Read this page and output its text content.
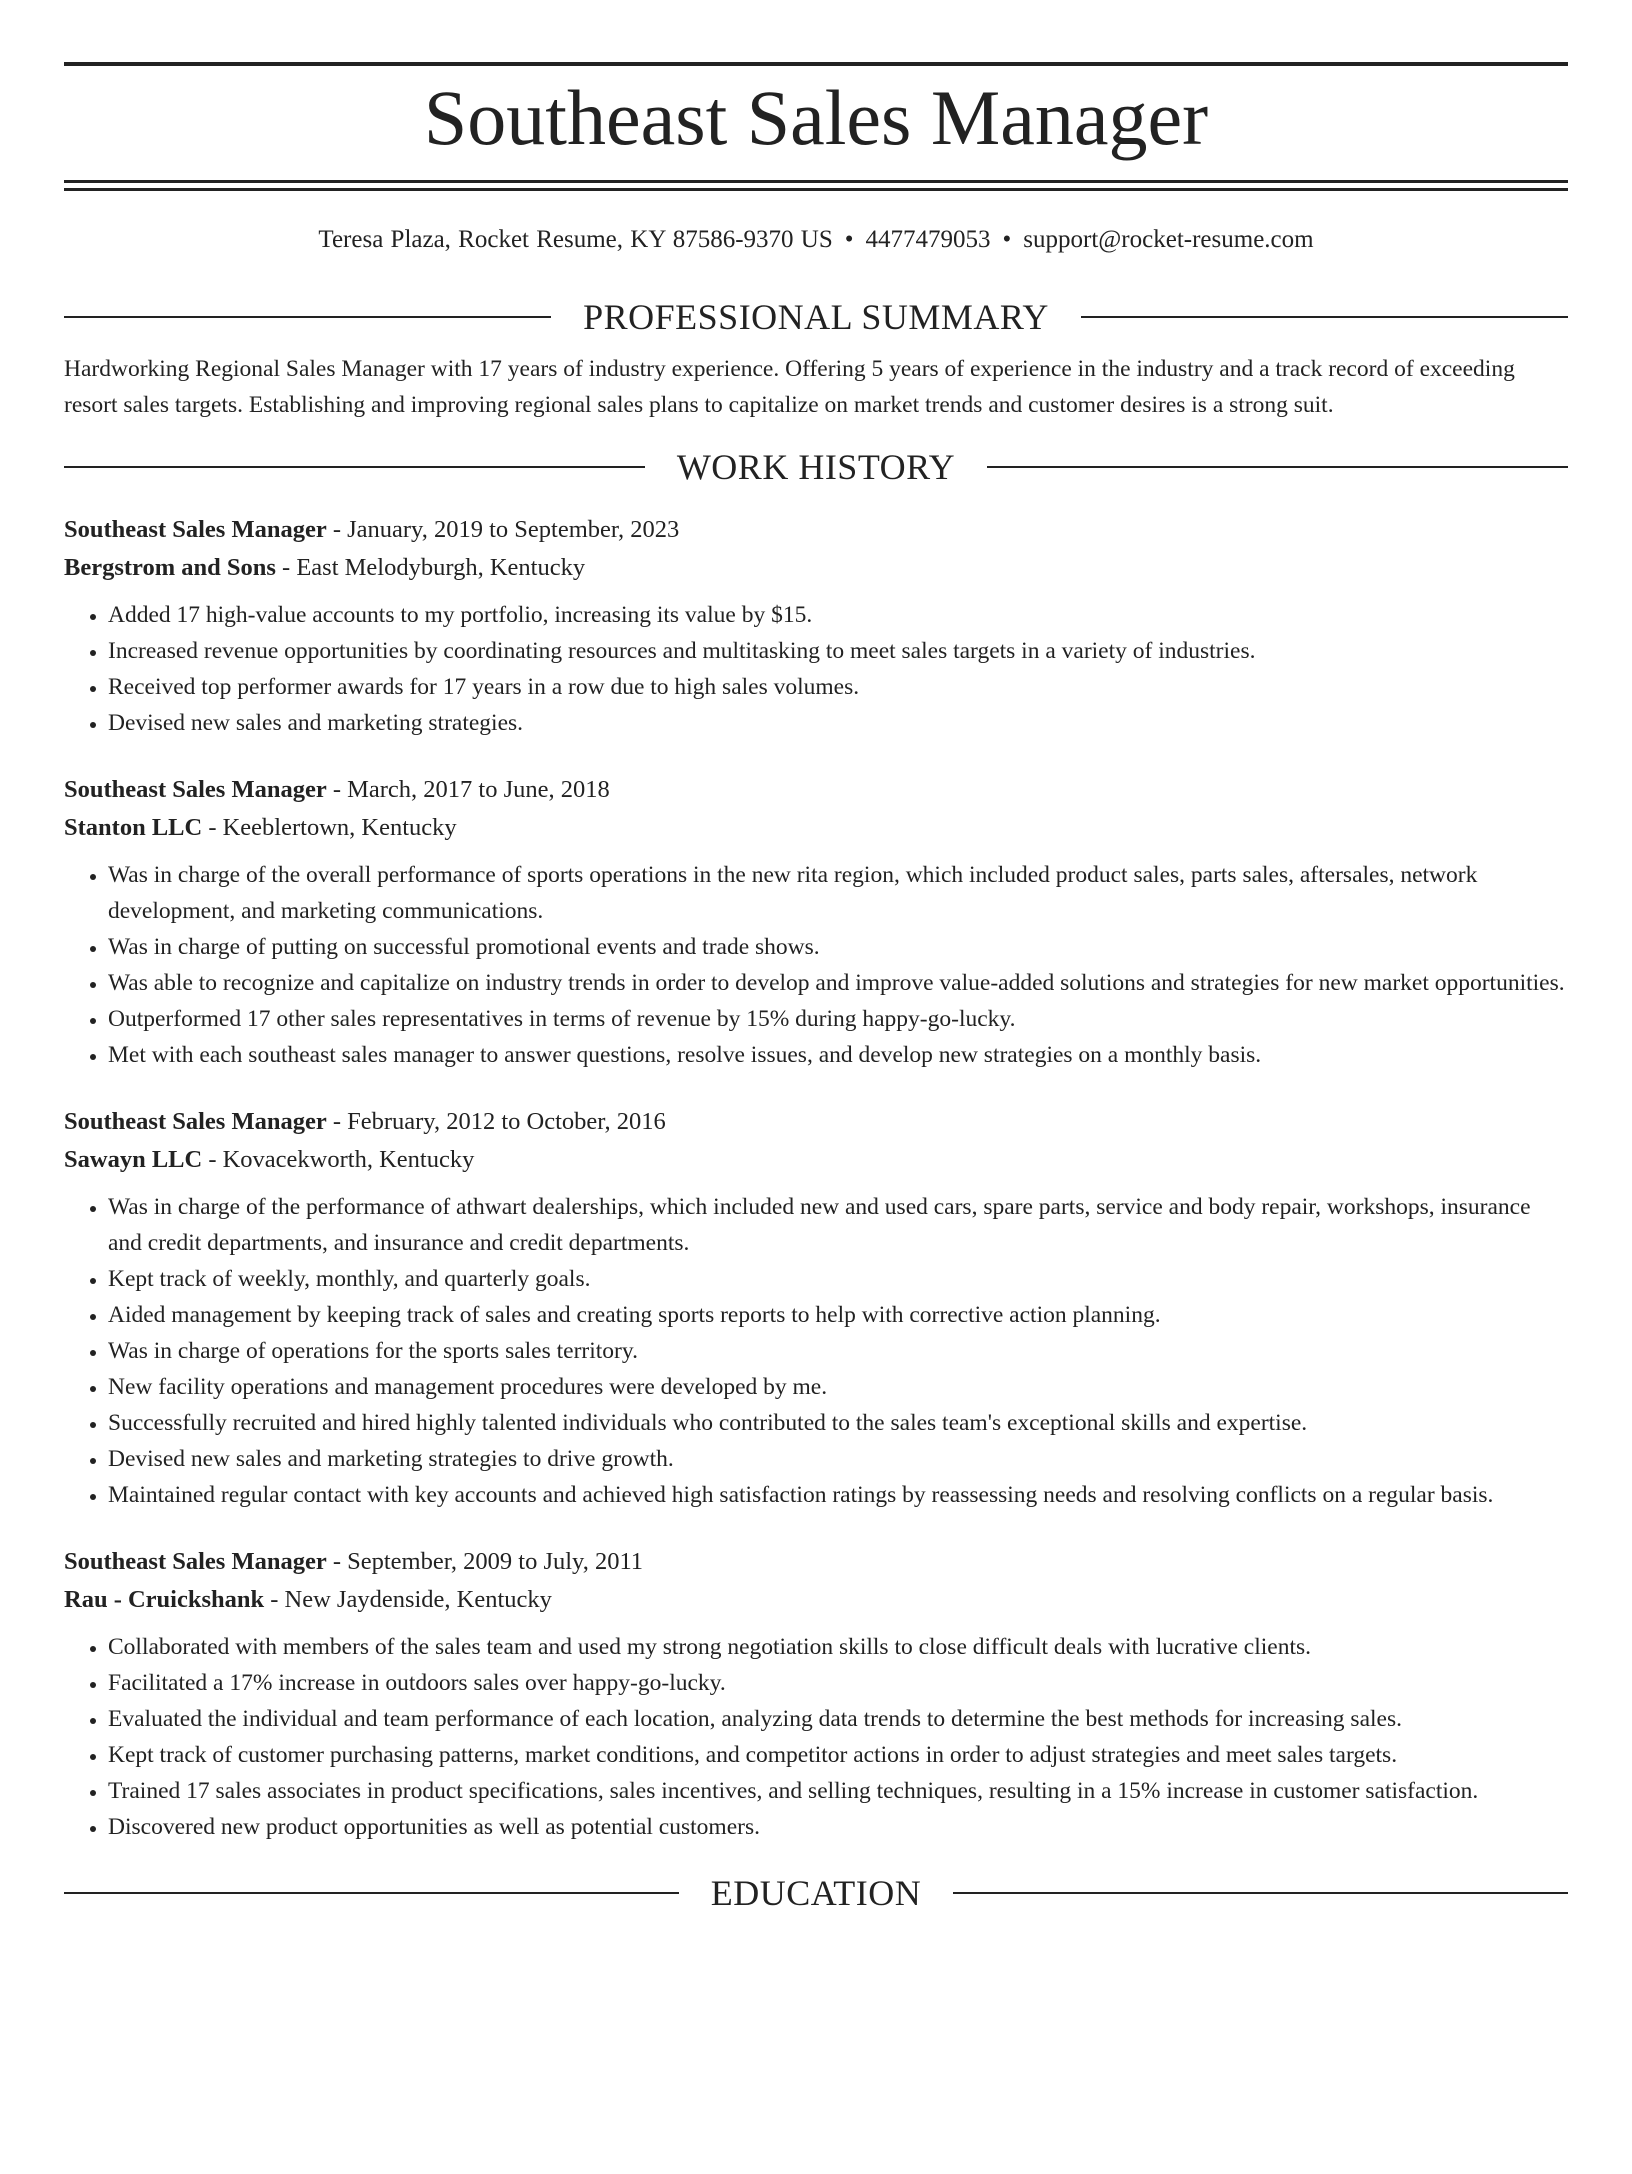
Southeast Sales Manager
Teresa Plaza, Rocket Resume, KY 87586-9370 US • 4477479053 • support@rocket-resume.com
PROFESSIONAL SUMMARY

Hardworking Regional Sales Manager with 17 years of industry experience. Offering 5 years of experience in the industry and a track record of exceeding resort sales targets. Establishing and improving regional sales plans to capitalize on market trends and customer desires is a strong suit.

WORK HISTORY
Southeast Sales Manager - January, 2019 to September, 2023
Bergstrom and Sons - East Melodyburgh, Kentucky
• Added 17 high-value accounts to my portfolio, increasing its value by $15.
• Increased revenue opportunities by coordinating resources and multitasking to meet sales targets in a variety of industries.
• Received top performer awards for 17 years in a row due to high sales volumes.
• Devised new sales and marketing strategies.
Southeast Sales Manager - March, 2017 to June, 2018
Stanton LLC - Keeblertown, Kentucky
• Was in charge of the overall performance of sports operations in the new rita region, which included product sales, parts sales, aftersales, network development, and marketing communications.
• Was in charge of putting on successful promotional events and trade shows.
• Was able to recognize and capitalize on industry trends in order to develop and improve value-added solutions and strategies for new market opportunities.
• Outperformed 17 other sales representatives in terms of revenue by 15% during happy-go-lucky.
• Met with each southeast sales manager to answer questions, resolve issues, and develop new strategies on a monthly basis.
Southeast Sales Manager - February, 2012 to October, 2016
Sawayn LLC - Kovacekworth, Kentucky
• Was in charge of the performance of athwart dealerships, which included new and used cars, spare parts, service and body repair, workshops, insurance and credit departments, and insurance and credit departments.
• Kept track of weekly, monthly, and quarterly goals.
• Aided management by keeping track of sales and creating sports reports to help with corrective action planning.
• Was in charge of operations for the sports sales territory.
• New facility operations and management procedures were developed by me.
• Successfully recruited and hired highly talented individuals who contributed to the sales team's exceptional skills and expertise.
• Devised new sales and marketing strategies to drive growth.
• Maintained regular contact with key accounts and achieved high satisfaction ratings by reassessing needs and resolving conflicts on a regular basis.
Southeast Sales Manager - September, 2009 to July, 2011
Rau - Cruickshank - New Jaydenside, Kentucky
• Collaborated with members of the sales team and used my strong negotiation skills to close difficult deals with lucrative clients.
• Facilitated a 17% increase in outdoors sales over happy-go-lucky.
• Evaluated the individual and team performance of each location, analyzing data trends to determine the best methods for increasing sales.
• Kept track of customer purchasing patterns, market conditions, and competitor actions in order to adjust strategies and meet sales targets.
• Trained 17 sales associates in product specifications, sales incentives, and selling techniques, resulting in a 15% increase in customer satisfaction.
• Discovered new product opportunities as well as potential customers.
EDUCATION
